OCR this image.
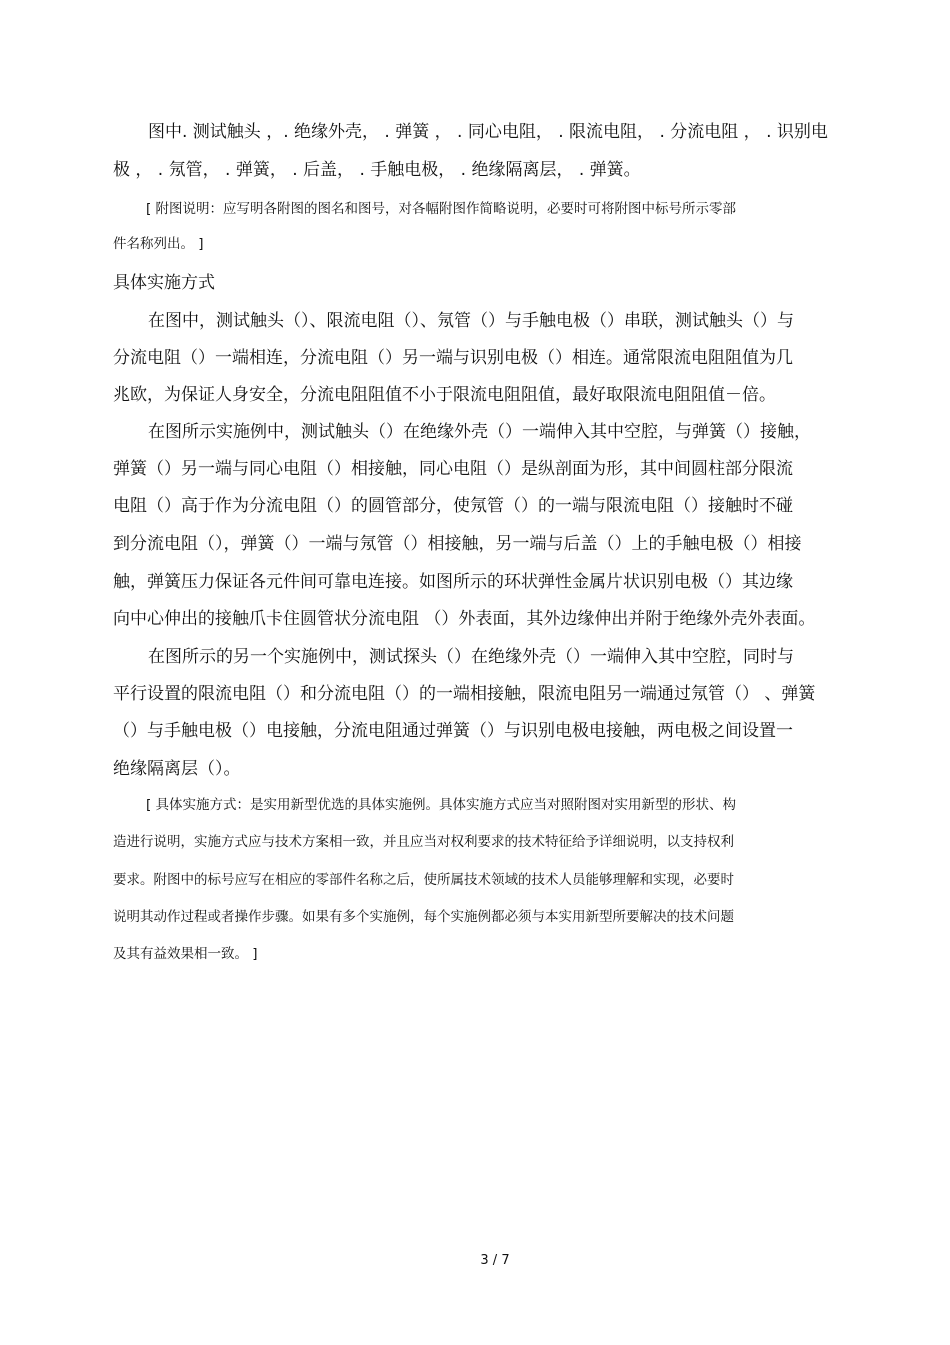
图中. 测试触头 ，. 绝缘外壳， . 弹簧 ， . 同心电阻， . 限流电阻， . 分流电阻 ， . 识别电
极 ， . 氖管， . 弹簧， . 后盖， . 手触电极， . 绝缘隔离层， . 弹簧。
[ 附图说明：应写明各附图的图名和图号，对各幅附图作简略说明，必要时可将附图中标号所示零部
件名称列出。 ]
具体实施方式
在图中，测试触头（）、限流电阻（）、氖管（）与手触电极（）串联，测试触头（）与
分流电阻（）一端相连，分流电阻（）另一端与识别电极（）相连。通常限流电阻阻值为几
兆欧，为保证人身安全，分流电阻阻值不小于限流电阻阻值，最好取限流电阻阻值－倍。
在图所示实施例中，测试触头（）在绝缘外壳（）一端伸入其中空腔，与弹簧（）接触，
弹簧（）另一端与同心电阻（）相接触，同心电阻（）是纵剖面为形，其中间圆柱部分限流
电阻（）高于作为分流电阻（）的圆管部分，使氖管（）的一端与限流电阻（）接触时不碰
到分流电阻（），弹簧（）一端与氖管（）相接触，另一端与后盖（）上的手触电极（）相接
触，弹簧压力保证各元件间可靠电连接。如图所示的环状弹性金属片状识别电极（）其边缘
向中心伸出的接触爪卡住圆管状分流电阻 （）外表面，其外边缘伸出并附于绝缘外壳外表面。
在图所示的另一个实施例中，测试探头（）在绝缘外壳（）一端伸入其中空腔，同时与
平行设置的限流电阻（）和分流电阻（）的一端相接触，限流电阻另一端通过氖管（） 、弹簧
（）与手触电极（）电接触，分流电阻通过弹簧（）与识别电极电接触，两电极之间设置一
绝缘隔离层（）。
[ 具体实施方式：是实用新型优选的具体实施例。具体实施方式应当对照附图对实用新型的形状、构
造进行说明，实施方式应与技术方案相一致，并且应当对权利要求的技术特征给予详细说明，以支持权利
要求。附图中的标号应写在相应的零部件名称之后，使所属技术领域的技术人员能够理解和实现，必要时
说明其动作过程或者操作步骤。如果有多个实施例，每个实施例都必须与本实用新型所要解决的技术问题
及其有益效果相一致。 ]
3 / 7
